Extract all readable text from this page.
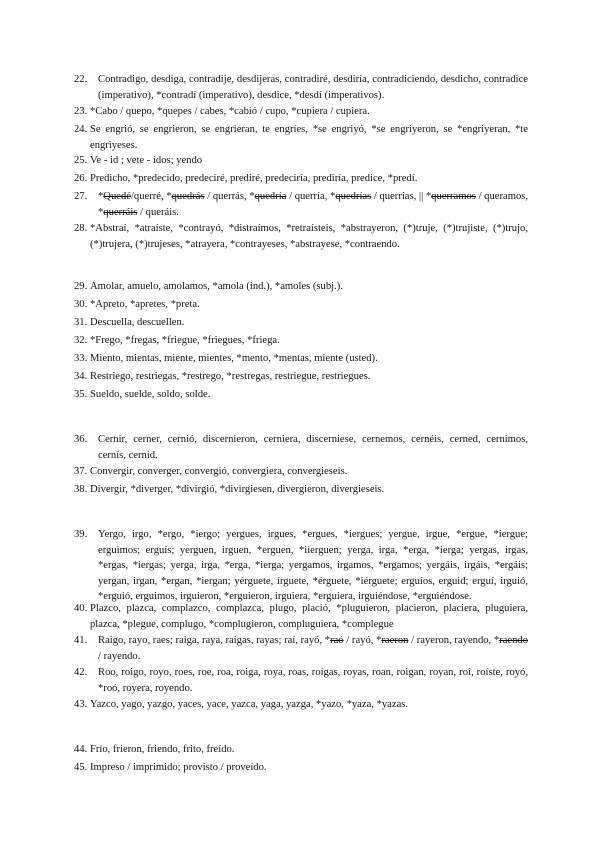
22.	Contradigo, desdiga, contradije, desdijeras, contradiré, desdiría, contradiciendo, desdicho, contradice (imperativo), *contradí (imperativo), desdice, *desdí (imperativos).
23. *Cabo / quepo, *quepes / cabes, *cabió / cupo, *cupiera / cupiera.
24. Se engrió, se engrieron, se engrieran, te engríes, *se engriyó, *se engriyeron, se *engriyeran, *te engriyeses.
25. Ve - id ; vete - idos; yendo
26. Predicho, *predecido, predeciré, prediré, predeciría, prediría, predice, *predí.
27.	*Quedé/querré, *quedrás / querrás, *quedría / querría, *quedrías / querrías, || *querramos / queramos, *querráis / queráis.
28. *Abstraí, *atraíste, *contrayó, *distraímos, *retraísteis, *abstrayeron, (*)truje, (*)trujiste, (*)trujo, (*)trujera, (*)trujeses, *atrayera, *contrayeses, *abstrayese, *contraendo.
29. Amolar, amuelo, amolamos, *amola (ind.), *amoles (subj.).
30. *Apreto, *apretes, *preta.
31. Descuella, descuellen.
32. *Frego, *fregas, *friegue, *friegues, *friega.
33. Miento, mientas, miente, mientes, *mento, *mentas, miente (usted).
34. Restriego, restriegas, *restrego, *restregas, restriegue, restriegues.
35. Sueldo, suelde, soldo, solde.
36.	Cernir, cerner, cernió, discernieron, cerniera, discerniese, cernemos, cernéis, cerned, cernimos, cernís, cernid.
37. Convergir, converger, convergió, convergiera, convergieseis.
38. Divergir, *diverger, *divirgió, *divirgiesen, divergieron, divergieseis.
39.	Yergo, irgo, *ergo, *iergo; yergues, irgues, *ergues, *iergues; yergue, irgue, *ergue, *iergue; erguimos; erguís; yerguen, irguen, *erguen, *iierguen; yerga, irga, *erga, *ierga; yergas, irgas, *ergas, *iergas; yerga, irga, *erga, *ierga; yergamos, irgamos, *ergamos; yergáis, irgáis, *ergáis; yergan, irgan, *ergan, *iergan; yérguete, írguete, *érguete, *iérguete; erguíos, erguid; erguí, irguió, *erguió, erguimos, irguieron, *erguieron, irguiera, *erguiera, irguiéndose, *erguiéndose.
40. Plazco, plazca, complazco, complazca, plugo, plació, *pluguieron, placieron, placiera, pluguiera, plazca, *plegue, complugo, *complugieron, compluguiera, *complegue
41.	Raigo, rayo, raes; raiga, raya, raigas, rayas; raí, rayó, *raó / rayó, *raeron / rayeron, rayendo, *raendo / rayendo.
42.	Roo, roigo, royo, roes, roe, roa, roiga, roya, roas, roigas, royas, roan, roigan, royan, roí, roíste, royó, *roó, royera, royendo.
43. Yazco, yago, yazgo, yaces, yace, yazca, yaga, yazga, *yazo, *yaza, *yazas.
44. Frío, frieron, friendo, frito, freído.
45. Impreso / imprimido; provisto / proveído.
